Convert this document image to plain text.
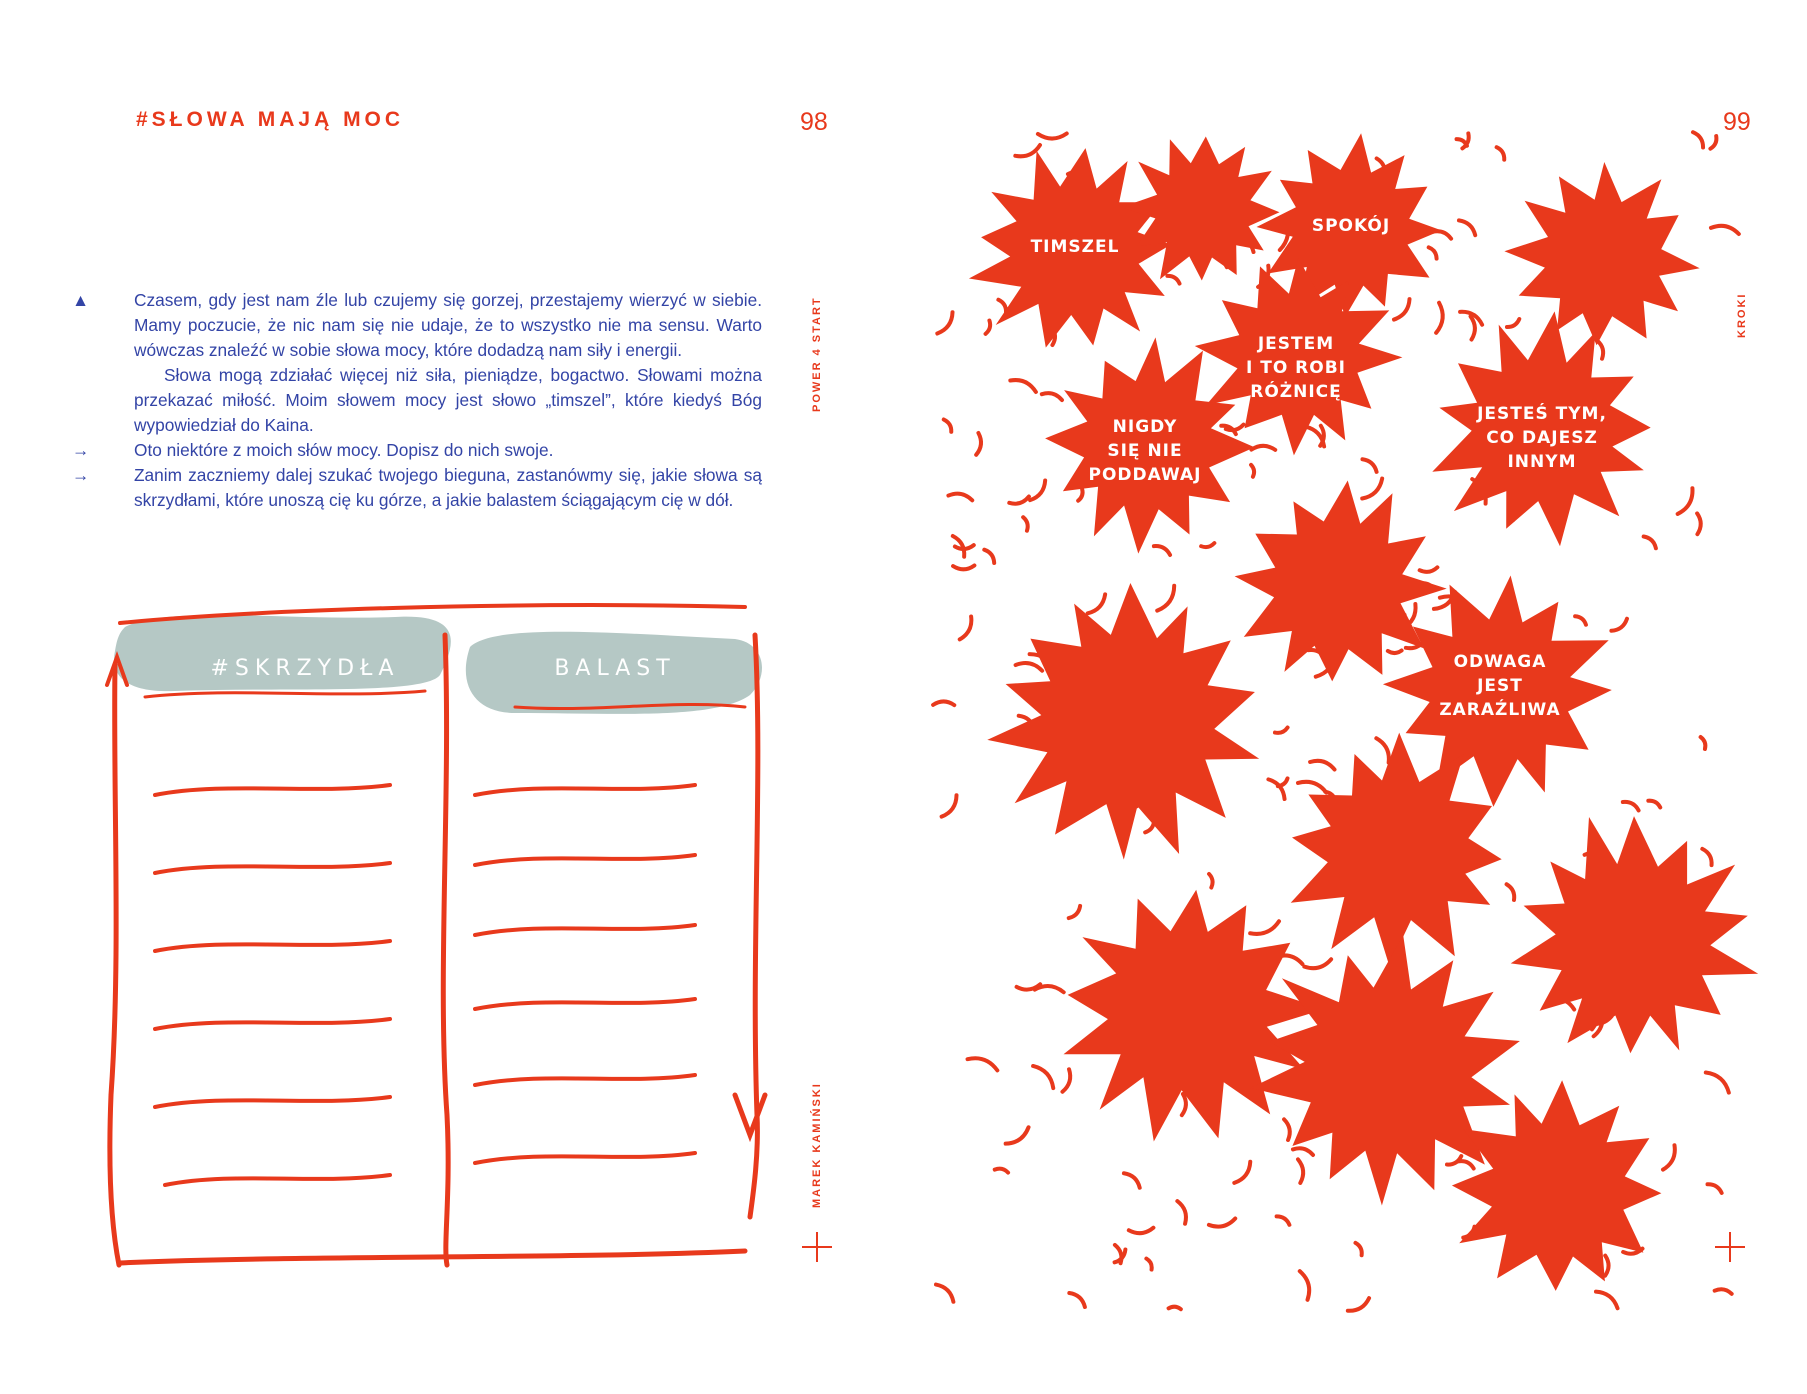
#SŁOWA MAJĄ MOC	98
POWER 4 START
MAREK KAMIŃSKI
▲	Czasem, gdy jest nam źle lub czujemy się gorzej, przestajemy wierzyć w siebie. Mamy poczucie, że nic nam się nie udaje, że to wszystko nie ma sensu. Warto wówczas znaleźć w sobie słowa mocy, które dodadzą nam siły i energii.
Słowa mogą zdziałać więcej niż siła, pieniądze, bogactwo. Słowami można przekazać miłość. Moim słowem mocy jest słowo „timszel”, które kiedyś Bóg wypowiedział do Kaina.
→	Oto niektóre z moich słów mocy. Dopisz do nich swoje.
→	Zanim zaczniemy dalej szukać twojego bieguna, zastanówmy się, jakie słowa są skrzydłami, które unoszą cię ku górze, a jakie balastem ściągającym cię w dół.
#SKRZYDŁA	BALAST
99
KROKI
TIMSZEL
SPOKÓJ
JESTEM
I TO ROBI
RÓŻNICĘ
NIGDY
SIĘ NIE
PODDAWAJ
JESTEŚ TYM,
CO DAJESZ
INNYM
ODWAGA
JEST
ZARAŹLIWA
